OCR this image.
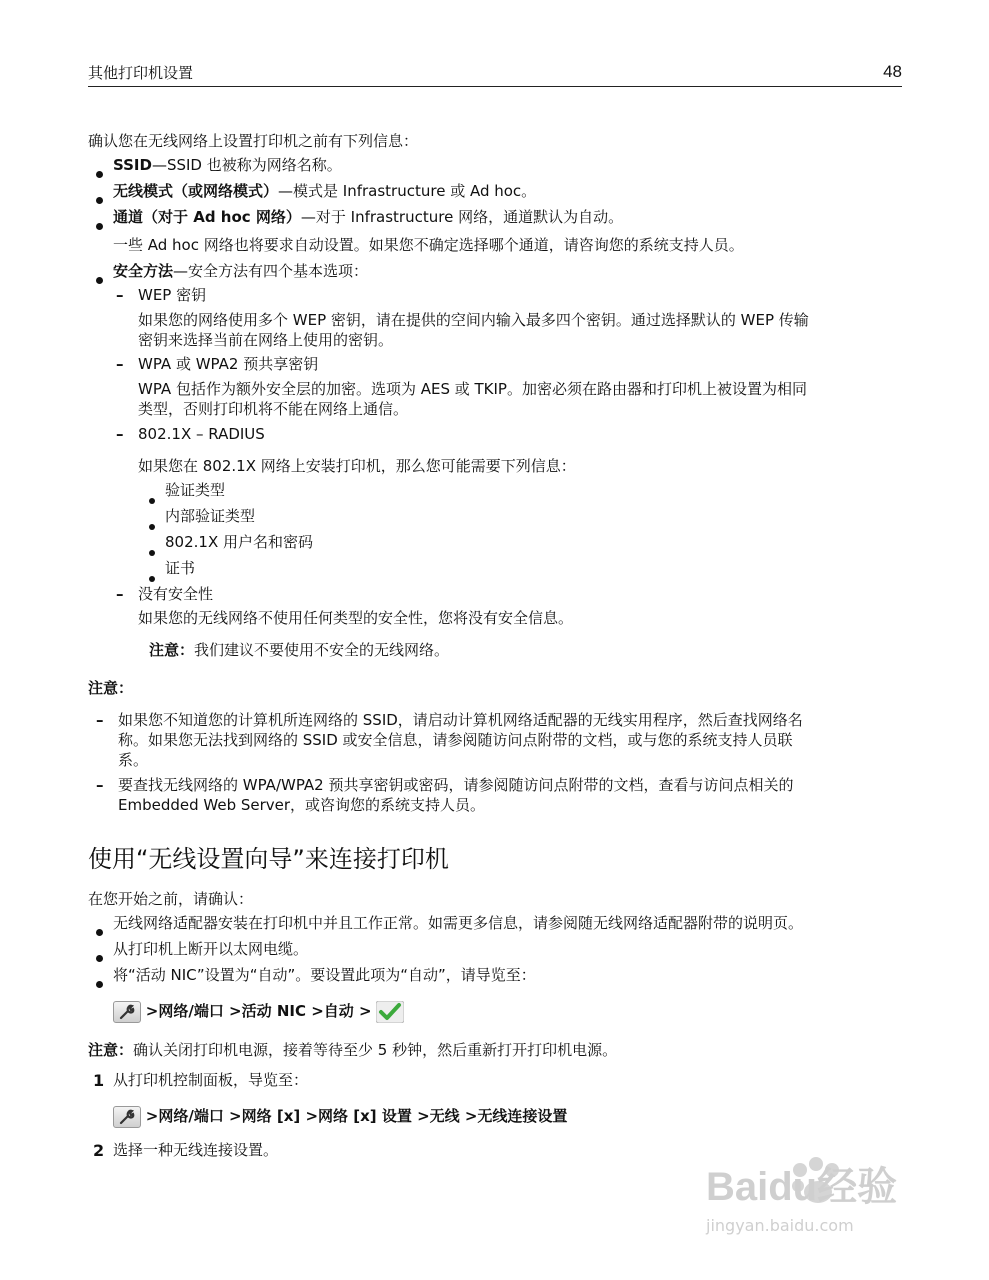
其他打印机设置	48
确认您在无线网络上设置打印机之前有下列信息：
SSID—SSID 也被称为网络名称。
无线模式（或网络模式）—模式是 Infrastructure 或 Ad hoc。
通道（对于 Ad hoc 网络）—对于 Infrastructure 网络，通道默认为自动。
一些 Ad hoc 网络也将要求自动设置。如果您不确定选择哪个通道，请咨询您的系统支持人员。
安全方法—安全方法有四个基本选项：
– WEP 密钥
如果您的网络使用多个 WEP 密钥，请在提供的空间内输入最多四个密钥。通过选择默认的 WEP 传输
密钥来选择当前在网络上使用的密钥。
– WPA 或 WPA2 预共享密钥
WPA 包括作为额外安全层的加密。选项为 AES 或 TKIP。加密必须在路由器和打印机上被设置为相同
类型，否则打印机将不能在网络上通信。
– 802.1X – RADIUS
如果您在 802.1X 网络上安装打印机，那么您可能需要下列信息：
验证类型
内部验证类型
802.1X 用户名和密码
证书
– 没有安全性
如果您的无线网络不使用任何类型的安全性，您将没有安全信息。
注意：我们建议不要使用不安全的无线网络。
注意：
– 如果您不知道您的计算机所连网络的 SSID，请启动计算机网络适配器的无线实用程序，然后查找网络名
称。如果您无法找到网络的 SSID 或安全信息，请参阅随访问点附带的文档，或与您的系统支持人员联
系。
– 要查找无线网络的 WPA/WPA2 预共享密钥或密码，请参阅随访问点附带的文档，查看与访问点相关的
Embedded Web Server，或咨询您的系统支持人员。
使用“无线设置向导”来连接打印机
在您开始之前，请确认：
无线网络适配器安装在打印机中并且工作正常。如需更多信息，请参阅随无线网络适配器附带的说明页。
从打印机上断开以太网电缆。
将“活动 NIC”设置为“自动”。要设置此项为“自动”，请导览至：
>网络/端口 >活动 NIC >自动 >
注意：确认关闭打印机电源，接着等待至少 5 秒钟，然后重新打开打印机电源。
1 从打印机控制面板，导览至：
>网络/端口 >网络 [x] >网络 [x] 设置 >无线 >无线连接设置
2 选择一种无线连接设置。
Baidu经验
jingyan.baidu.com
